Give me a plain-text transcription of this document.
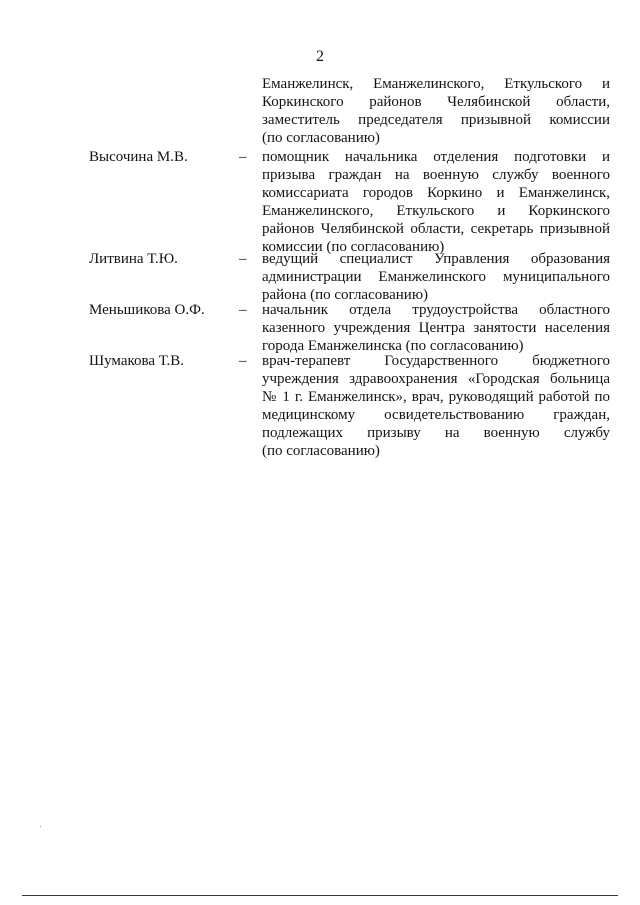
2
Еманжелинск, Еманжелинского, Еткульского и
Коркинского районов Челябинской области,
заместитель председателя призывной комиссии
(по согласованию)
Высочина М.В.	– помощник начальника отделения подготовки и
призыва граждан на военную службу военного
комиссариата городов Коркино и Еманжелинск,
Еманжелинского, Еткульского и Коркинского
районов Челябинской области, секретарь призывной
комиссии (по согласованию)
Литвина Т.Ю.	– ведущий специалист Управления образования
администрации Еманжелинского муниципального
района (по согласованию)
Меньшикова О.Ф. – начальник отдела трудоустройства областного
казенного учреждения Центра занятости населения
города Еманжелинска (по согласованию)
Шумакова Т.В.	– врач-терапевт Государственного бюджетного
учреждения здравоохранения «Городская больница
№ 1 г. Еманжелинск», врач, руководящий работой по
медицинскому освидетельствованию граждан,
подлежащих призыву на военную службу
(по согласованию)
